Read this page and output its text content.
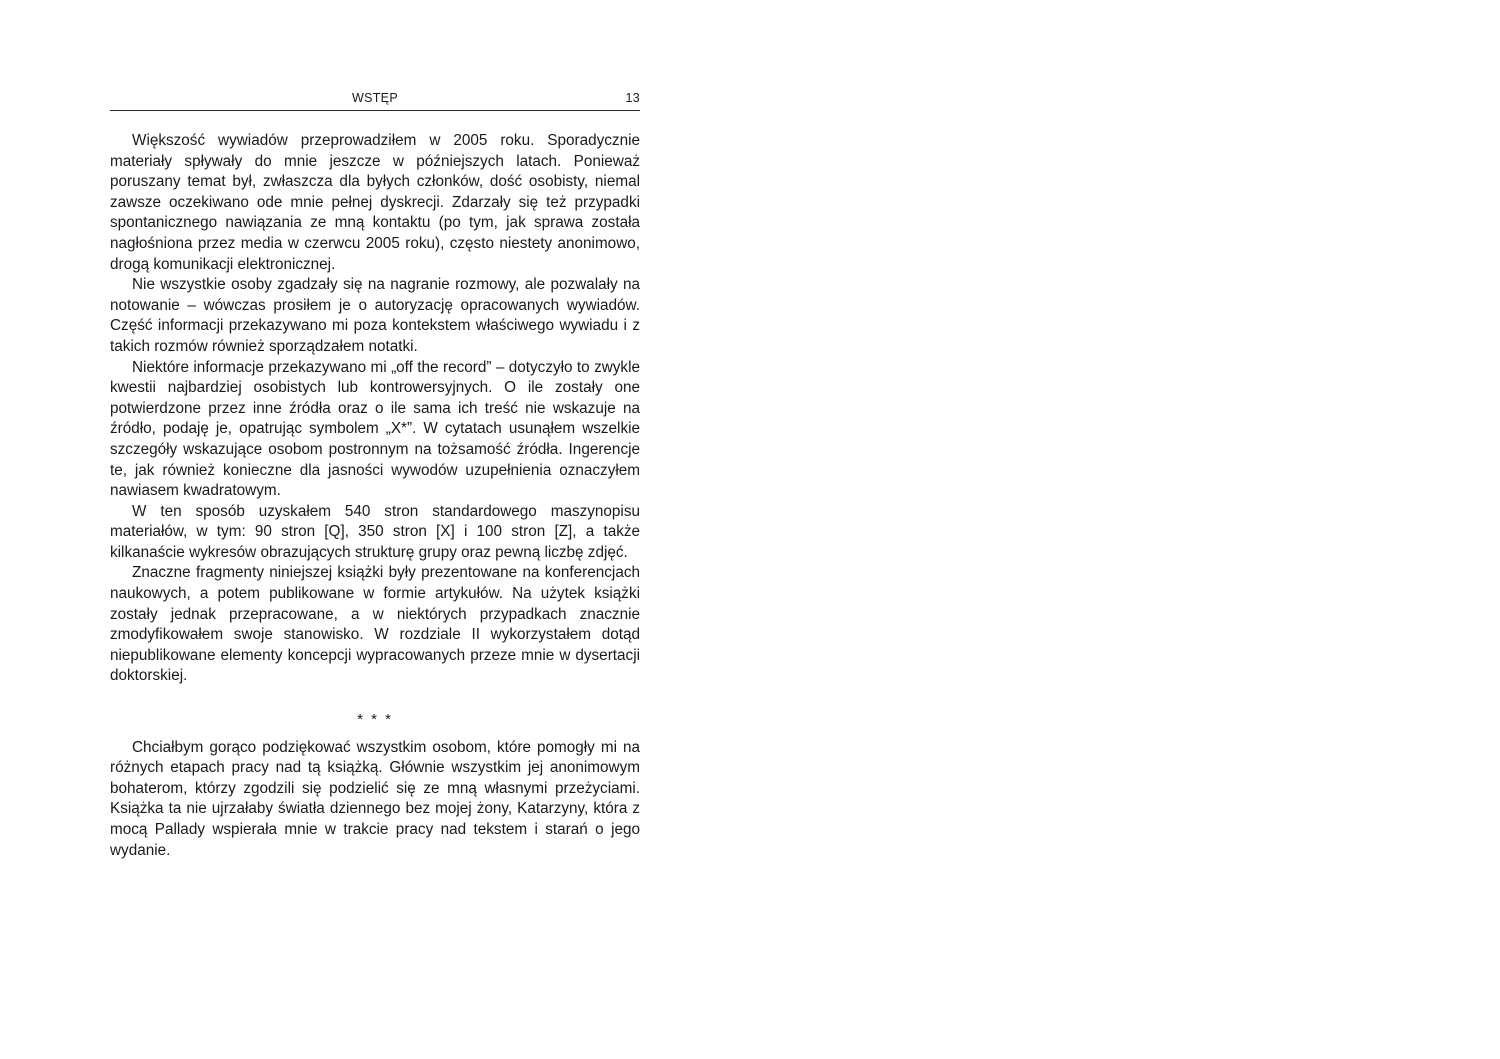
WSTĘP	13

Większość wywiadów przeprowadziłem w 2005 roku. Sporadycznie materiały spływały do mnie jeszcze w późniejszych latach. Ponieważ poruszany temat był, zwłaszcza dla byłych członków, dość osobisty, niemal zawsze oczekiwano ode mnie pełnej dyskrecji. Zdarzały się też przypadki spontanicznego nawiązania ze mną kontaktu (po tym, jak sprawa została nagłośniona przez media w czerwcu 2005 roku), często niestety anonimowo, drogą komunikacji elektronicznej.

Nie wszystkie osoby zgadzały się na nagranie rozmowy, ale pozwalały na notowanie – wówczas prosiłem je o autoryzację opracowanych wywiadów. Część informacji przekazywano mi poza kontekstem właściwego wywiadu i z takich rozmów również sporządzałem notatki.

Niektóre informacje przekazywano mi „off the record” – dotyczyło to zwykle kwestii najbardziej osobistych lub kontrowersyjnych. O ile zostały one potwierdzone przez inne źródła oraz o ile sama ich treść nie wskazuje na źródło, podaję je, opatrując symbolem „X*”. W cytatach usunąłem wszelkie szczegóły wskazujące osobom postronnym na tożsamość źródła. Ingerencje te, jak również konieczne dla jasności wywodów uzupełnienia oznaczyłem nawiasem kwadratowym.

W ten sposób uzyskałem 540 stron standardowego maszynopisu materiałów, w tym: 90 stron [Q], 350 stron [X] i 100 stron [Z], a także kilkanaście wykresów obrazujących strukturę grupy oraz pewną liczbę zdjęć.

Znaczne fragmenty niniejszej książki były prezentowane na konferencjach naukowych, a potem publikowane w formie artykułów. Na użytek książki zostały jednak przepracowane, a w niektórych przypadkach znacznie zmodyfikowałem swoje stanowisko. W rozdziale II wykorzystałem dotąd niepublikowane elementy koncepcji wypracowanych przeze mnie w dysertacji doktorskiej.

* * *

Chciałbym gorąco podziękować wszystkim osobom, które pomogły mi na różnych etapach pracy nad tą książką. Głównie wszystkim jej anonimowym bohaterom, którzy zgodzili się podzielić się ze mną własnymi przeżyciami. Książka ta nie ujrzałaby światła dziennego bez mojej żony, Katarzyny, która z mocą Pallady wspierała mnie w trakcie pracy nad tekstem i starań o jego wydanie.
